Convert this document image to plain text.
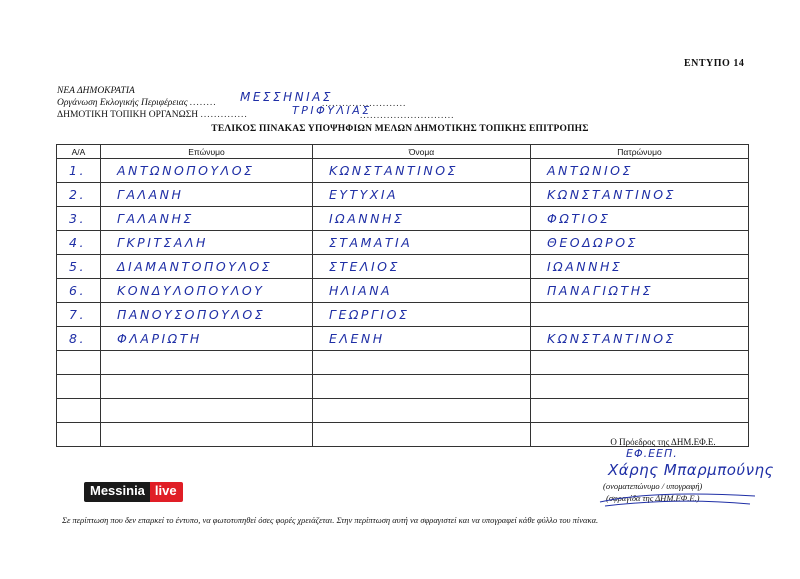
ΕΝΤΥΠΟ 14
ΝΕΑ ΔΗΜΟΚΡΑΤΙΑ
Οργάνωση Εκλογικής Περιφέρειας ........ ΜΕΣΣΗΝΙΑΣ
.........................
ΔΗΜΟΤΙΚΗ ΤΟΠΙΚΗ ΟΡΓΑΝΩΣΗ ..............	ΤΡΙΦΥΛΙΑΣ
............................
ΤΕΛΙΚΟΣ ΠΙΝΑΚΑΣ ΥΠΟΨΗΦΙΩΝ ΜΕΛΩΝ ΔΗΜΟΤΙΚΗΣ ΤΟΠΙΚΗΣ ΕΠΙΤΡΟΠΗΣ
Α/Α	Επώνυμο	Όνομα	Πατρώνυμο
1.	ΑΝΤΩΝΟΠΟΥΛΟΣ	ΚΩΝΣΤΑΝΤΙΝΟΣ	ΑΝΤΩΝΙΟΣ
2.	ΓΑΛΑΝΗ	ΕΥΤΥΧΙΑ	ΚΩΝΣΤΑΝΤΙΝΟΣ
3.	ΓΑΛΑΝΗΣ	ΙΩΑΝΝΗΣ	ΦΩΤΙΟΣ
4.	ΓΚΡΙΤΣΑΛΗ	ΣΤΑΜΑΤΙΑ	ΘΕΟΔΩΡΟΣ
5.	ΔΙΑΜΑΝΤΟΠΟΥΛΟΣ	ΣΤΕΛΙΟΣ	ΙΩΑΝΝΗΣ
6.	ΚΟΝΔΥΛΟΠΟΥΛΟΥ	ΗΛΙΑΝΑ	ΠΑΝΑΓΙΩΤΗΣ
7.	ΠΑΝΟΥΣΟΠΟΥΛΟΣ	ΓΕΩΡΓΙΟΣ	
8.	ΦΛΑΡΙΩΤΗ	ΕΛΕΝΗ	ΚΩΝΣΤΑΝΤΙΝΟΣ

Ο Πρόεδρος της ΔΗΜ.ΕΦ.Ε.
ΕΦ.ΕΕΠ.
Χάρης Μπαρμπούνης
(ονοματεπώνυμο / υπογραφή)
(σφραγίδα της ΔΗΜ.ΕΦ.Ε.)
Messinia live
Σε περίπτωση που δεν επαρκεί το έντυπο, να φωτοτυπηθεί όσες φορές χρειάζεται. Στην περίπτωση αυτή να σφραγιστεί και να υπογραφεί κάθε φύλλο του πίνακα.
